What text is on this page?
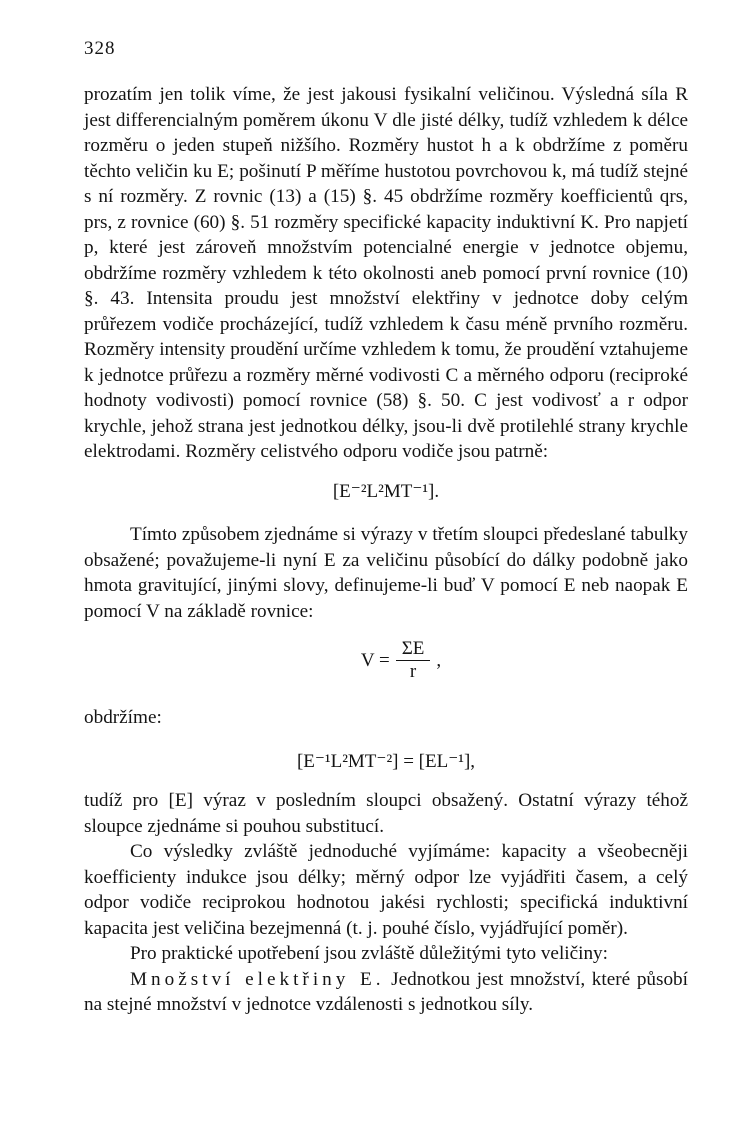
328

prozatím jen tolik víme, že jest jakousi fysikalní veličinou. Výsledná síla R jest differencialným poměrem úkonu V dle jisté délky, tudíž vzhledem k délce rozměru o jeden stupeň nižšího. Rozměry hustot h a k obdržíme z poměru těchto veličin ku E; pošinutí P měříme hustotou povrchovou k, má tudíž stejné s ní rozměry. Z rovnic (13) a (15) §. 45 obdržíme rozměry koefficientů qrs, prs, z rovnice (60) §. 51 rozměry specifické kapacity induktivní K. Pro napjetí p, které jest zároveň množstvím potencialné energie v jednotce objemu, obdržíme rozměry vzhledem k této okolnosti aneb pomocí první rovnice (10) §. 43. Intensita proudu jest množství elektřiny v jednotce doby celým průřezem vodiče procházející, tudíž vzhledem k času méně prvního rozměru. Rozměry intensity proudění určíme vzhledem k tomu, že proudění vztahujeme k jednotce průřezu a rozměry měrné vodivosti C a měrného odporu (reciproké hodnoty vodivosti) pomocí rovnice (58) §. 50. C jest vodivosť a r odpor krychle, jehož strana jest jednotkou délky, jsou-li dvě protilehlé strany krychle elektrodami. Rozměry celistvého odporu vodiče jsou patrně:

[E⁻²L²MT⁻¹].

Tímto způsobem zjednáme si výrazy v třetím sloupci předeslané tabulky obsažené; považujeme-li nyní E za veličinu působící do dálky podobně jako hmota gravitující, jinými slovy, definujeme-li buď V pomocí E neb naopak E pomocí V na základě rovnice:

$V = \frac{\Sigma E}{r}$ ,

obdržíme:

[E⁻¹L²MT⁻²] = [EL⁻¹],

tudíž pro [E] výraz v posledním sloupci obsažený. Ostatní výrazy téhož sloupce zjednáme si pouhou substitucí.

Co výsledky zvláště jednoduché vyjímáme: kapacity a všeobecněji koefficienty indukce jsou délky; měrný odpor lze vyjádřiti časem, a celý odpor vodiče reciprokou hodnotou jakési rychlosti; specifická induktivní kapacita jest veličina bezejmenná (t. j. pouhé číslo, vyjádřující poměr).

Pro praktické upotřebení jsou zvláště důležitými tyto veličiny:

Množství elektřiny E. Jednotkou jest množství, které působí na stejné množství v jednotce vzdálenosti s jednotkou síly.
